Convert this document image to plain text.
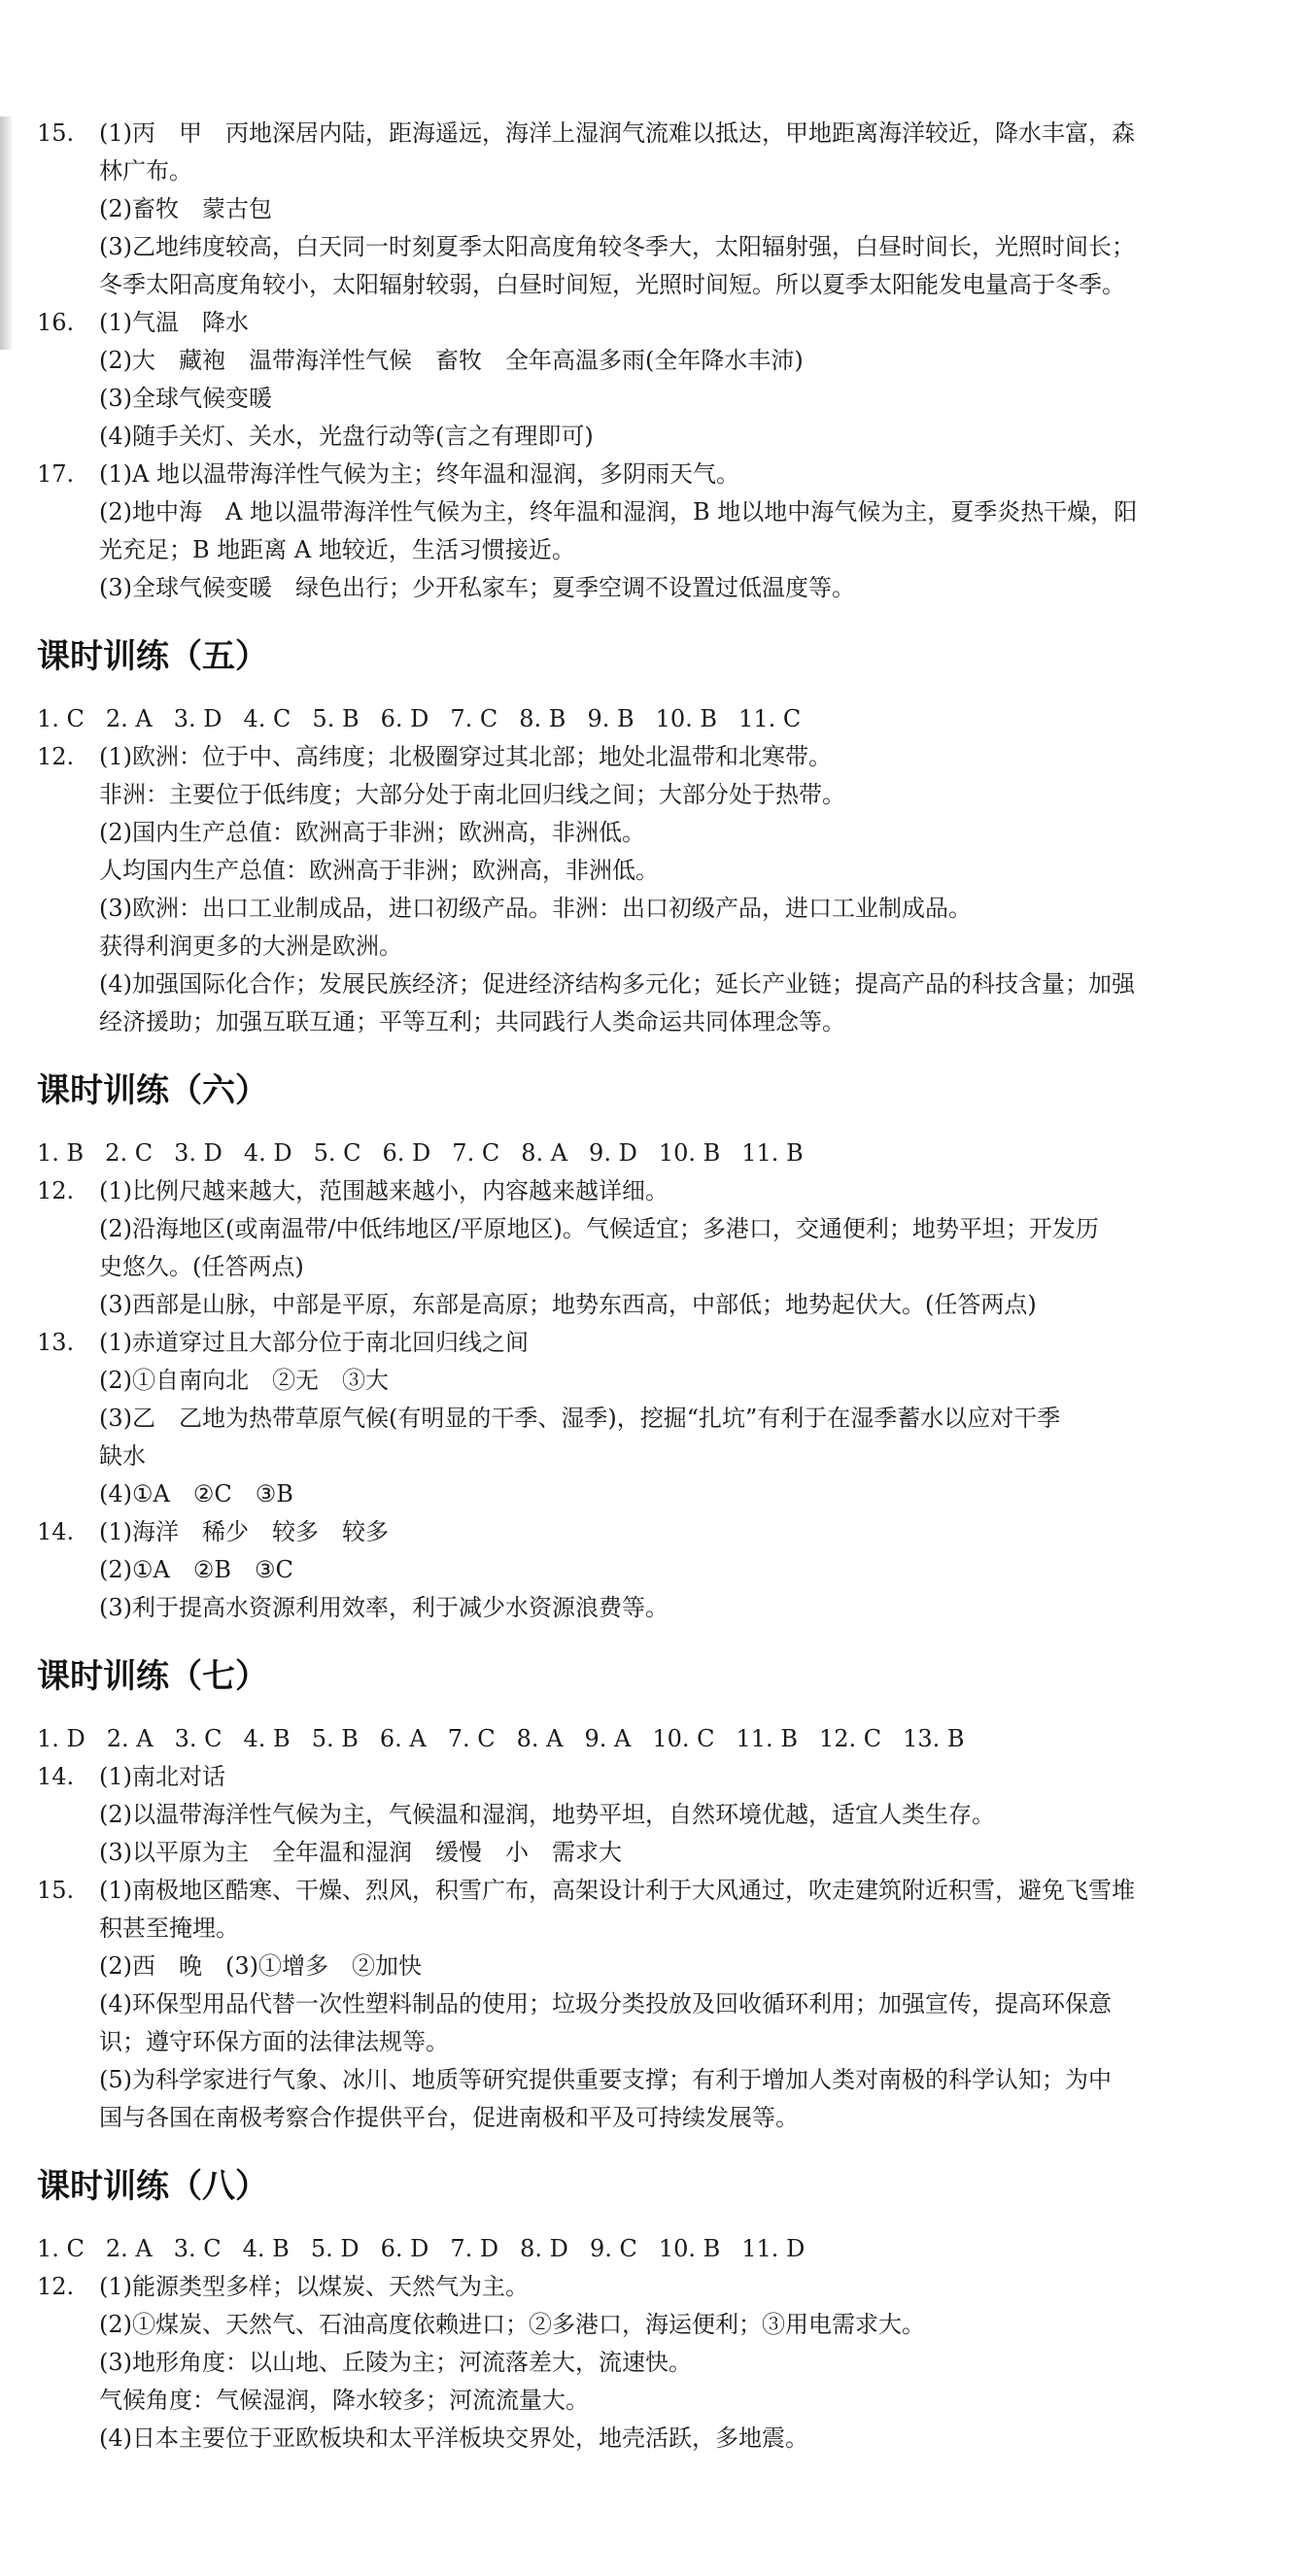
15.	(1)丙　甲　丙地深居内陆，距海遥远，海洋上湿润气流难以抵达，甲地距离海洋较近，降水丰富，森
林广布。
(2)畜牧　蒙古包
(3)乙地纬度较高，白天同一时刻夏季太阳高度角较冬季大，太阳辐射强，白昼时间长，光照时间长；
冬季太阳高度角较小，太阳辐射较弱，白昼时间短，光照时间短。所以夏季太阳能发电量高于冬季。
16.	(1)气温　降水
(2)大　藏袍　温带海洋性气候　畜牧　全年高温多雨(全年降水丰沛)
(3)全球气候变暖
(4)随手关灯、关水，光盘行动等(言之有理即可)
17.	(1)A 地以温带海洋性气候为主；终年温和湿润，多阴雨天气。
(2)地中海　A 地以温带海洋性气候为主，终年温和湿润，B 地以地中海气候为主，夏季炎热干燥，阳
光充足；B 地距离 A 地较近，生活习惯接近。
(3)全球气候变暖　绿色出行；少开私家车；夏季空调不设置过低温度等。
课时训练（五）
1. C 2. A 3. D 4. C 5. B 6. D 7. C 8. B 9. B 10. B 11. C
12.	(1)欧洲：位于中、高纬度；北极圈穿过其北部；地处北温带和北寒带。
非洲：主要位于低纬度；大部分处于南北回归线之间；大部分处于热带。
(2)国内生产总值：欧洲高于非洲；欧洲高，非洲低。
人均国内生产总值：欧洲高于非洲；欧洲高，非洲低。
(3)欧洲：出口工业制成品，进口初级产品。非洲：出口初级产品，进口工业制成品。
获得利润更多的大洲是欧洲。
(4)加强国际化合作；发展民族经济；促进经济结构多元化；延长产业链；提高产品的科技含量；加强
经济援助；加强互联互通；平等互利；共同践行人类命运共同体理念等。
课时训练（六）
1. B 2. C 3. D 4. D 5. C 6. D 7. C 8. A 9. D 10. B 11. B
12.	(1)比例尺越来越大，范围越来越小，内容越来越详细。
(2)沿海地区(或南温带/中低纬地区/平原地区)。气候适宜；多港口，交通便利；地势平坦；开发历
史悠久。(任答两点)
(3)西部是山脉，中部是平原，东部是高原；地势东西高，中部低；地势起伏大。(任答两点)
13.	(1)赤道穿过且大部分位于南北回归线之间
(2)①自南向北　②无　③大
(3)乙　乙地为热带草原气候(有明显的干季、湿季)，挖掘“扎坑”有利于在湿季蓄水以应对干季
缺水
(4)①A　②C　③B
14.	(1)海洋　稀少　较多　较多
(2)①A　②B　③C
(3)利于提高水资源利用效率，利于减少水资源浪费等。
课时训练（七）
1. D 2. A 3. C 4. B 5. B 6. A 7. C 8. A 9. A 10. C 11. B 12. C 13. B
14.	(1)南北对话
(2)以温带海洋性气候为主，气候温和湿润，地势平坦，自然环境优越，适宜人类生存。
(3)以平原为主　全年温和湿润　缓慢　小　需求大
15.	(1)南极地区酷寒、干燥、烈风，积雪广布，高架设计利于大风通过，吹走建筑附近积雪，避免飞雪堆
积甚至掩埋。
(2)西　晚　(3)①增多　②加快
(4)环保型用品代替一次性塑料制品的使用；垃圾分类投放及回收循环利用；加强宣传，提高环保意
识；遵守环保方面的法律法规等。
(5)为科学家进行气象、冰川、地质等研究提供重要支撑；有利于增加人类对南极的科学认知；为中
国与各国在南极考察合作提供平台，促进南极和平及可持续发展等。
课时训练（八）
1. C 2. A 3. C 4. B 5. D 6. D 7. D 8. D 9. C 10. B 11. D
12.	(1)能源类型多样；以煤炭、天然气为主。
(2)①煤炭、天然气、石油高度依赖进口；②多港口，海运便利；③用电需求大。
(3)地形角度：以山地、丘陵为主；河流落差大，流速快。
气候角度：气候湿润，降水较多；河流流量大。
(4)日本主要位于亚欧板块和太平洋板块交界处，地壳活跃，多地震。
